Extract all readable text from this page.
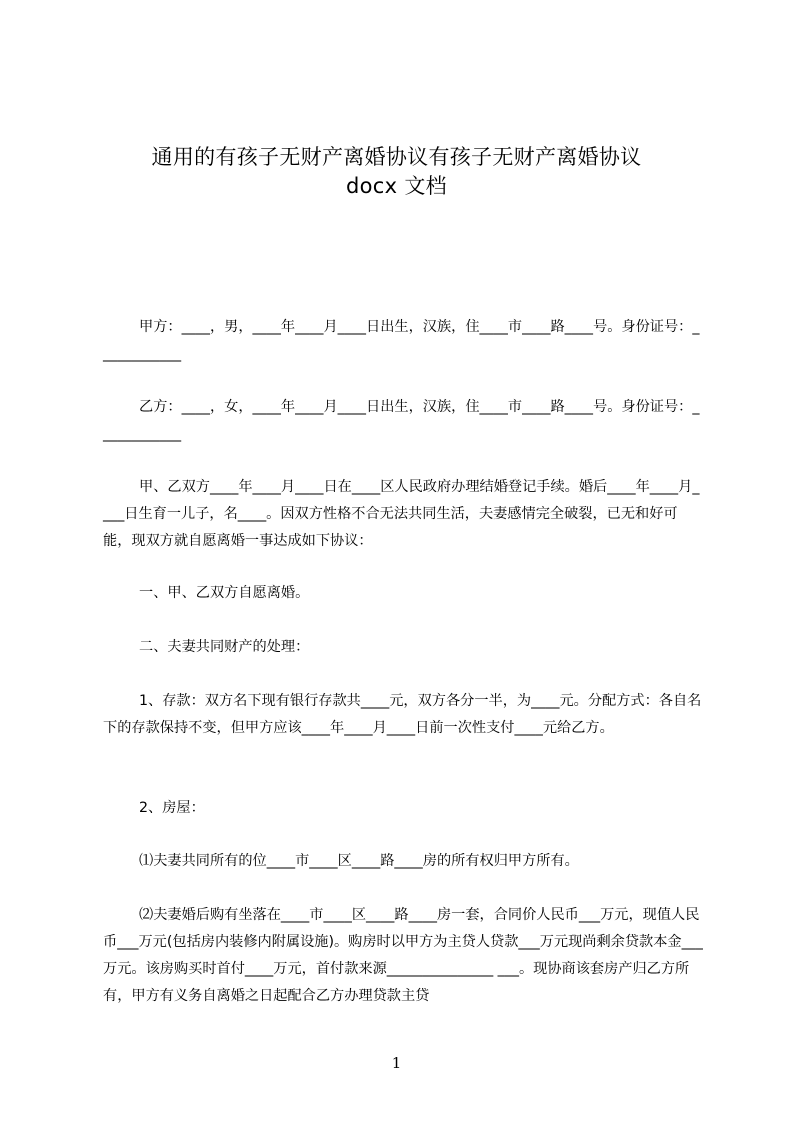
通用的有孩子无财产离婚协议有孩子无财产离婚协议
docx 文档
甲方：____，男，____年____月____日出生，汉族，住____市____路____号。身份证号：____________
乙方：____，女，____年____月____日出生，汉族，住____市____路____号。身份证号：____________
甲、乙双方____年____月____日在____区人民政府办理结婚登记手续。婚后____年____月____日生育一儿子，名____。因双方性格不合无法共同生活，夫妻感情完全破裂，已无和好可能，现双方就自愿离婚一事达成如下协议：
一、甲、乙双方自愿离婚。
二、夫妻共同财产的处理：
1、存款：双方名下现有银行存款共____元，双方各分一半，为____元。分配方式：各自名下的存款保持不变，但甲方应该____年____月____日前一次性支付____元给乙方。
2、房屋：
⑴夫妻共同所有的位____市____区____路____房的所有权归甲方所有。
⑵夫妻婚后购有坐落在____市____区____路____房一套，合同价人民币___万元，现值人民币___万元(包括房内装修内附属设施)。购房时以甲方为主贷人贷款___万元现尚剩余贷款本金___万元。该房购买时首付____万元，首付款来源_______________ ___。现协商该套房产归乙方所有，甲方有义务自离婚之日起配合乙方办理贷款主贷
1
